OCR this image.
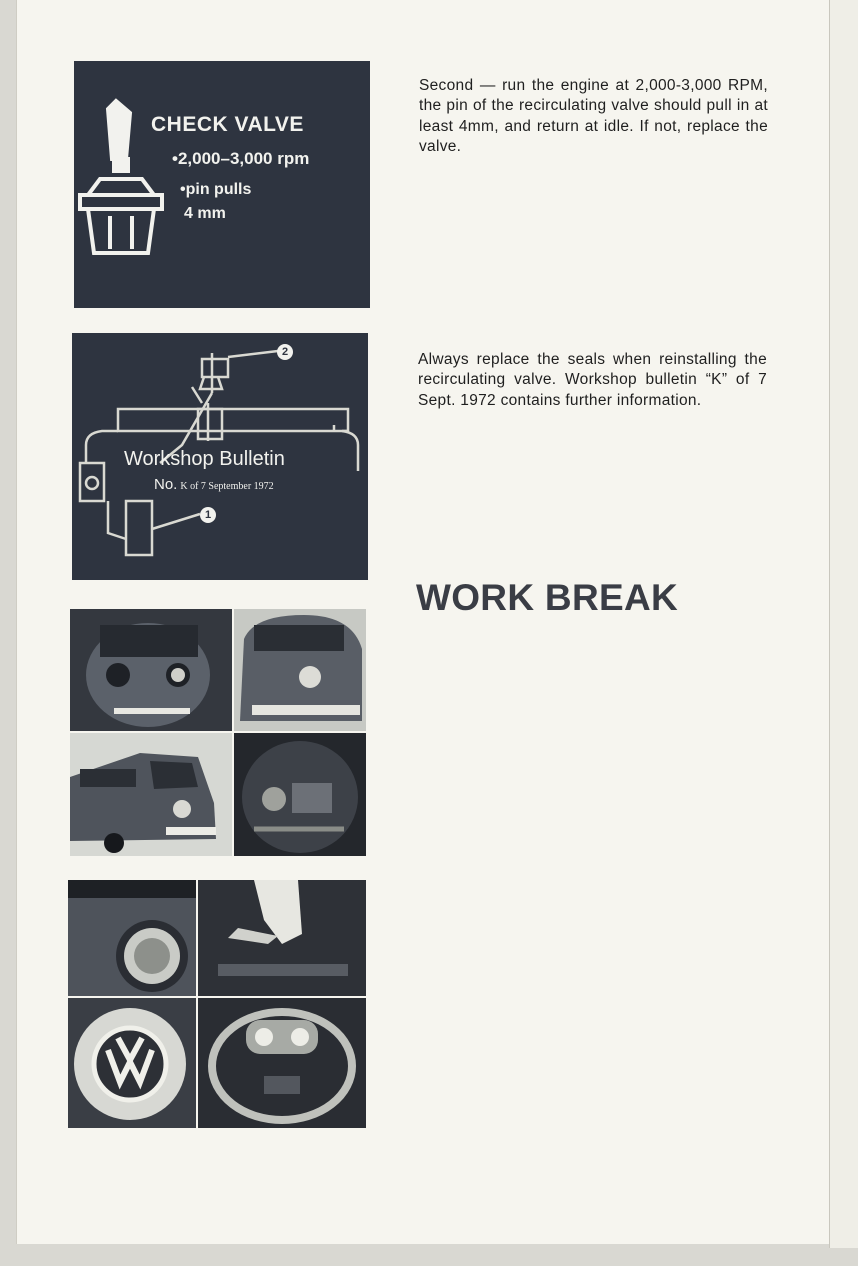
CHECK VALVE
•2,000–3,000 rpm
•pin pulls
4 mm
2
Workshop Bulletin
No. K of 7 September 1972
1

Second — run the engine at 2,000-3,000 RPM, the pin of the recirculating valve should pull in at least 4mm, and return at idle. If not, replace the valve.

Always replace the seals when reinstalling the recirculating valve. Workshop bulletin “K” of 7 Sept. 1972 contains further information.

WORK BREAK
